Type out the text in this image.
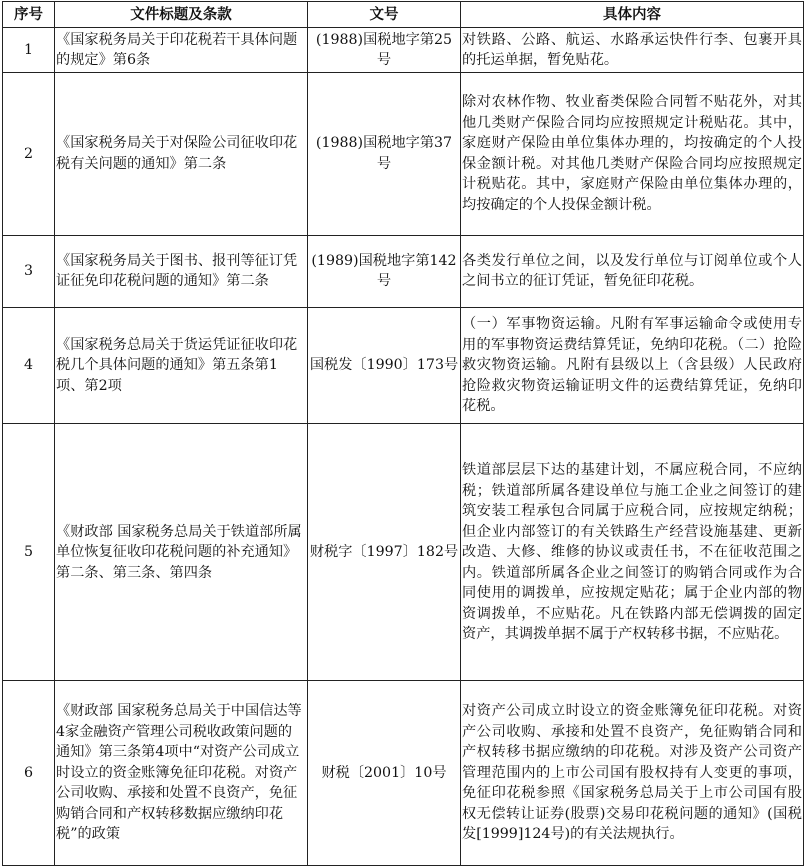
序号	文件标题及条款	文号	具体内容
1	《国家税务局关于印花税若干具体问题的规定》第6条	(1988)国税地字第25号	对铁路、公路、航运、水路承运快件行李、包裹开具的托运单据，暂免贴花。
2	《国家税务局关于对保险公司征收印花税有关问题的通知》第二条	(1988)国税地字第37号	除对农林作物、牧业畜类保险合同暂不贴花外，对其他几类财产保险合同均应按照规定计税贴花。其中，家庭财产保险由单位集体办理的，均按确定的个人投保金额计税。对其他几类财产保险合同均应按照规定计税贴花。其中，家庭财产保险由单位集体办理的，均按确定的个人投保金额计税。
3	《国家税务局关于图书、报刊等征订凭证征免印花税问题的通知》第二条	(1989)国税地字第142号	各类发行单位之间，以及发行单位与订阅单位或个人之间书立的征订凭证，暂免征印花税。
4	《国家税务总局关于货运凭证征收印花税几个具体问题的通知》第五条第1项、第2项	国税发〔1990〕173号	（一）军事物资运输。凡附有军事运输命令或使用专用的军事物资运费结算凭证，免纳印花税。（二）抢险救灾物资运输。凡附有县级以上（含县级）人民政府抢险救灾物资运输证明文件的运费结算凭证，免纳印花税。
5	《财政部 国家税务总局关于铁道部所属单位恢复征收印花税问题的补充通知》第二条、第三条、第四条	财税字〔1997〕182号	铁道部层层下达的基建计划，不属应税合同，不应纳税；铁道部所属各建设单位与施工企业之间签订的建筑安装工程承包合同属于应税合同，应按规定纳税；但企业内部签订的有关铁路生产经营设施基建、更新改造、大修、维修的协议或责任书，不在征收范围之内。铁道部所属各企业之间签订的购销合同或作为合同使用的调拨单，应按规定贴花；属于企业内部的物资调拨单，不应贴花。凡在铁路内部无偿调拨的固定资产，其调拨单据不属于产权转移书据，不应贴花。
6	《财政部 国家税务总局关于中国信达等4家金融资产管理公司税收政策问题的通知》第三条第4项中“对资产公司成立时设立的资金账簿免征印花税。对资产公司收购、承接和处置不良资产，免征购销合同和产权转移数据应缴纳印花税”的政策	财税〔2001〕10号	对资产公司成立时设立的资金账簿免征印花税。对资产公司收购、承接和处置不良资产，免征购销合同和产权转移书据应缴纳的印花税。对涉及资产公司资产管理范围内的上市公司国有股权持有人变更的事项，免征印花税参照《国家税务总局关于上市公司国有股权无偿转让证券(股票)交易印花税问题的通知》(国税发[1999]124号)的有关法规执行。
